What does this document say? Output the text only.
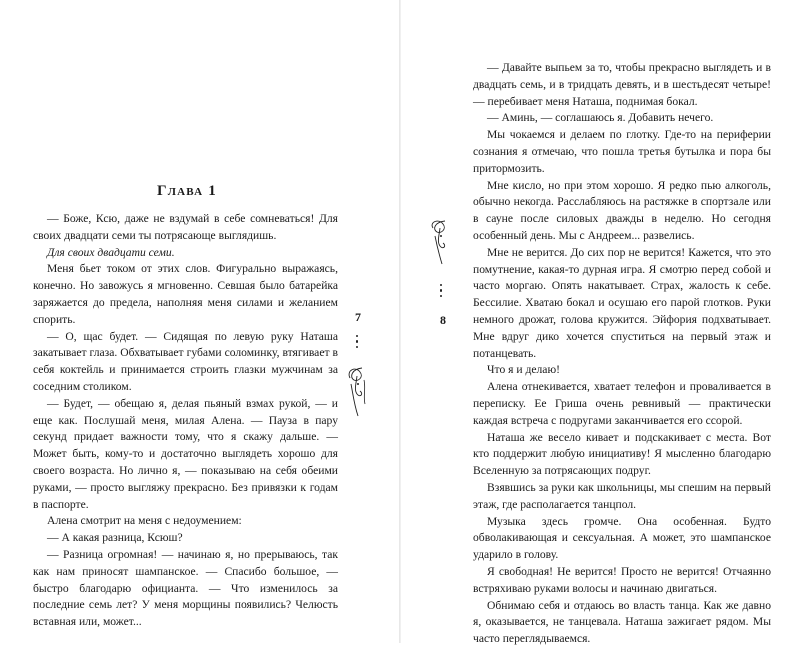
Глава 1

— Боже, Ксю, даже не вздумай в себе сомневаться! Для своих двадцати семи ты потрясающе выглядишь.

Для своих двадцати семи.

Меня бьет током от этих слов. Фигурально выражаясь, конечно. Но завожусь я мгновенно. Севшая было батарейка заряжается до предела, наполняя меня силами и желанием спорить.

— О, щас будет. — Сидящая по левую руку Наташа закатывает глаза. Обхватывает губами соломинку, втягивает в себя коктейль и принимается строить глазки мужчинам за соседним столиком.

— Будет, — обещаю я, делая пьяный взмах рукой, — и еще как. Послушай меня, милая Алена. — Пауза в пару секунд придает важности тому, что я скажу дальше. — Может быть, кому-то и достаточно выглядеть хорошо для своего возраста. Но лично я, — показываю на себя обеими руками, — просто выгляжу прекрасно. Без привязки к годам в паспорте.

Алена смотрит на меня с недоумением:

— А какая разница, Ксюш?

— Разница огромная! — начинаю я, но прерываюсь, так как нам приносят шампанское. — Спасибо большое, — быстро благодарю официанта. — Что изменилось за последние семь лет? У меня морщины появились? Челюсть вставная или, может...

7

— Давайте выпьем за то, чтобы прекрасно выглядеть и в двадцать семь, и в тридцать девять, и в шестьдесят четыре! — перебивает меня Наташа, поднимая бокал.

— Аминь, — соглашаюсь я. Добавить нечего.

Мы чокаемся и делаем по глотку. Где-то на периферии сознания я отмечаю, что пошла третья бутылка и пора бы притормозить.

Мне кисло, но при этом хорошо. Я редко пью алкоголь, обычно некогда. Расслабляюсь на растяжке в спортзале или в сауне после силовых дважды в неделю. Но сегодня особенный день. Мы с Андреем... развелись.

Мне не верится. До сих пор не верится! Кажется, что это помутнение, какая-то дурная игра. Я смотрю перед собой и часто моргаю. Опять накатывает. Страх, жалость к себе. Бессилие. Хватаю бокал и осушаю его парой глотков. Руки немного дрожат, голова кружится. Эйфория подхватывает. Мне вдруг дико хочется спуститься на первый этаж и потанцевать.

Что я и делаю!

Алена отнекивается, хватает телефон и проваливается в переписку. Ее Гриша очень ревнивый — практически каждая встреча с подругами заканчивается его ссорой.

Наташа же весело кивает и подскакивает с места. Вот кто поддержит любую инициативу! Я мысленно благодарю Вселенную за потрясающих подруг.

Взявшись за руки как школьницы, мы спешим на первый этаж, где располагается танцпол.

Музыка здесь громче. Она особенная. Будто обволакивающая и сексуальная. А может, это шампанское ударило в голову.

Я свободная! Не верится! Просто не верится! Отчаянно встряхиваю руками волосы и начинаю двигаться.

Обнимаю себя и отдаюсь во власть танца. Как же давно я, оказывается, не танцевала. Наташа зажигает рядом. Мы часто переглядываемся.

8
